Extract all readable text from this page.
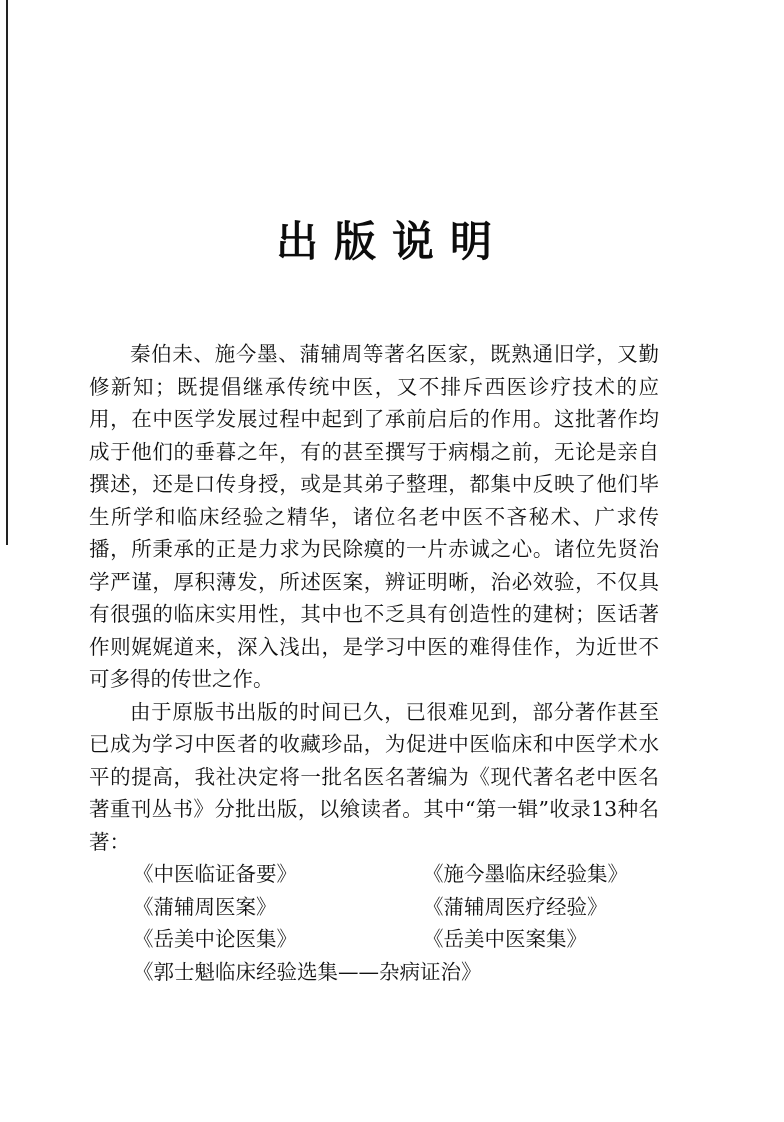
出版说明

秦伯未、施今墨、蒲辅周等著名医家，既熟通旧学，又勤修新知；既提倡继承传统中医，又不排斥西医诊疗技术的应用，在中医学发展过程中起到了承前启后的作用。这批著作均成于他们的垂暮之年，有的甚至撰写于病榻之前，无论是亲自撰述，还是口传身授，或是其弟子整理，都集中反映了他们毕生所学和临床经验之精华，诸位名老中医不吝秘术、广求传播，所秉承的正是力求为民除瘼的一片赤诚之心。诸位先贤治学严谨，厚积薄发，所述医案，辨证明晰，治必效验，不仅具有很强的临床实用性，其中也不乏具有创造性的建树；医话著作则娓娓道来，深入浅出，是学习中医的难得佳作，为近世不可多得的传世之作。

由于原版书出版的时间已久，已很难见到，部分著作甚至已成为学习中医者的收藏珍品，为促进中医临床和中医学术水平的提高，我社决定将一批名医名著编为《现代著名老中医名著重刊丛书》分批出版，以飨读者。其中“第一辑”收录13种名著：

《中医临证备要》	《施今墨临床经验集》
《蒲辅周医案》	《蒲辅周医疗经验》
《岳美中论医集》	《岳美中医案集》
《郭士魁临床经验选集——杂病证治》
